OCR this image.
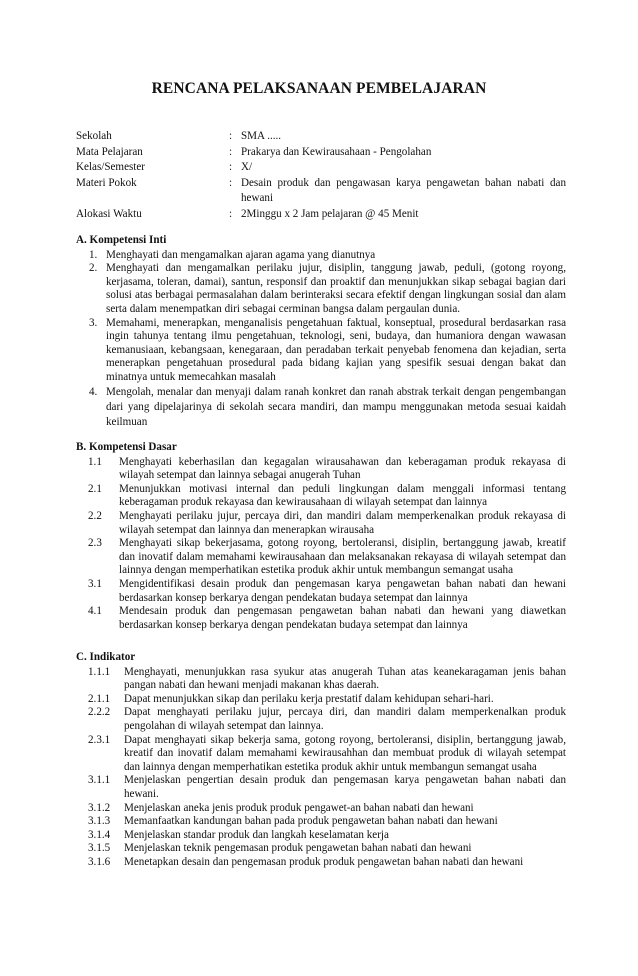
RENCANA PELAKSANAAN PEMBELAJARAN
Sekolah	: SMA .....
Mata Pelajaran	: Prakarya dan Kewirausahaan - Pengolahan
Kelas/Semester	: X/
Materi Pokok	: Desain produk dan pengawasan karya pengawetan bahan nabati dan hewani
Alokasi Waktu	: 2Minggu x 2 Jam pelajaran @ 45 Menit
A. Kompetensi Inti
1. Menghayati dan mengamalkan ajaran agama yang dianutnya
2. Menghayati dan mengamalkan perilaku jujur, disiplin, tanggung jawab, peduli, (gotong royong, kerjasama, toleran, damai), santun, responsif dan proaktif dan menunjukkan sikap sebagai bagian dari solusi atas berbagai permasalahan dalam berinteraksi secara efektif dengan lingkungan sosial dan alam serta dalam menempatkan diri sebagai cerminan bangsa dalam pergaulan dunia.
3. Memahami, menerapkan, menganalisis pengetahuan faktual, konseptual, prosedural berdasarkan rasa ingin tahunya tentang ilmu pengetahuan, teknologi, seni, budaya, dan humaniora dengan wawasan kemanusiaan, kebangsaan, kenegaraan, dan peradaban terkait penyebab fenomena dan kejadian, serta menerapkan pengetahuan prosedural pada bidang kajian yang spesifik sesuai dengan bakat dan minatnya untuk memecahkan masalah
4. Mengolah, menalar dan menyaji dalam ranah konkret dan ranah abstrak terkait dengan pengembangan dari yang dipelajarinya di sekolah secara mandiri, dan mampu menggunakan metoda sesuai kaidah keilmuan
B. Kompetensi Dasar
1.1	Menghayati keberhasilan dan kegagalan wirausahawan dan keberagaman produk rekayasa di wilayah setempat dan lainnya sebagai anugerah Tuhan
2.1	Menunjukkan motivasi internal dan peduli lingkungan dalam menggali informasi tentang keberagaman produk rekayasa dan kewirausahaan di wilayah setempat dan lainnya
2.2	Menghayati perilaku jujur, percaya diri, dan mandiri dalam memperkenalkan produk rekayasa di wilayah setempat dan lainnya dan menerapkan wirausaha
2.3	Menghayati sikap bekerjasama, gotong royong, bertoleransi, disiplin, bertanggung jawab, kreatif dan inovatif dalam memahami kewirausahaan dan melaksanakan rekayasa di wilayah setempat dan lainnya dengan memperhatikan estetika produk akhir untuk membangun semangat usaha
3.1	Mengidentifikasi desain produk dan pengemasan karya pengawetan bahan nabati dan hewani berdasarkan konsep berkarya dengan pendekatan budaya setempat dan lainnya
4.1	Mendesain produk dan pengemasan pengawetan bahan nabati dan hewani yang diawetkan berdasarkan konsep berkarya dengan pendekatan budaya setempat dan lainnya
C. Indikator
1.1.1	Menghayati, menunjukkan rasa syukur atas anugerah Tuhan atas keanekaragaman jenis bahan pangan nabati dan hewani menjadi makanan khas daerah.
2.1.1	Dapat menunjukkan sikap dan perilaku kerja prestatif dalam kehidupan sehari-hari.
2.2.2	Dapat menghayati perilaku jujur, percaya diri, dan mandiri dalam memperkenalkan produk pengolahan di wilayah setempat dan lainnya.
2.3.1	Dapat menghayati sikap bekerja sama, gotong royong, bertoleransi, disiplin, bertanggung jawab, kreatif dan inovatif dalam memahami kewirausahhan dan membuat produk di wilayah setempat dan lainnya dengan memperhatikan estetika produk akhir untuk membangun semangat usaha
3.1.1	Menjelaskan pengertian desain produk dan pengemasan karya pengawetan bahan nabati dan hewani.
3.1.2	Menjelaskan aneka jenis produk produk pengawet-an bahan nabati dan hewani
3.1.3	Memanfaatkan kandungan bahan pada produk pengawetan bahan nabati dan hewani
3.1.4	Menjelaskan standar produk dan langkah keselamatan kerja
3.1.5	Menjelaskan teknik pengemasan produk pengawetan bahan nabati dan hewani
3.1.6	Menetapkan desain dan pengemasan produk produk pengawetan bahan nabati dan hewani
